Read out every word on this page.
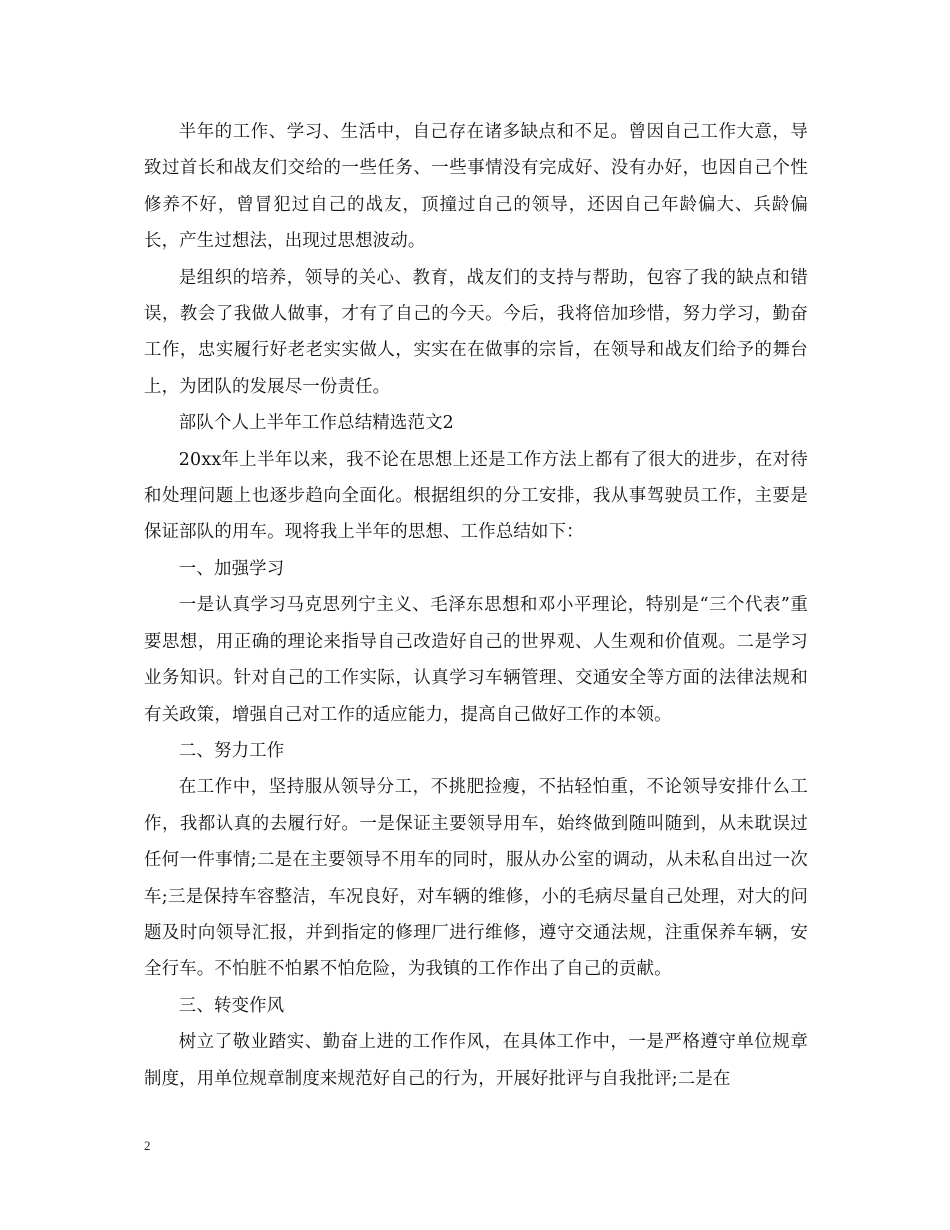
半年的工作、学习、生活中，自己存在诸多缺点和不足。曾因自己工作大意，导致过首长和战友们交给的一些任务、一些事情没有完成好、没有办好，也因自己个性修养不好，曾冒犯过自己的战友，顶撞过自己的领导，还因自己年龄偏大、兵龄偏长，产生过想法，出现过思想波动。

是组织的培养，领导的关心、教育，战友们的支持与帮助，包容了我的缺点和错误，教会了我做人做事，才有了自己的今天。今后，我将倍加珍惜，努力学习，勤奋工作，忠实履行好老老实实做人，实实在在做事的宗旨，在领导和战友们给予的舞台上，为团队的发展尽一份责任。

部队个人上半年工作总结精选范文2

20xx年上半年以来，我不论在思想上还是工作方法上都有了很大的进步，在对待和处理问题上也逐步趋向全面化。根据组织的分工安排，我从事驾驶员工作，主要是保证部队的用车。现将我上半年的思想、工作总结如下：

一、加强学习

一是认真学习马克思列宁主义、毛泽东思想和邓小平理论，特别是“三个代表”重要思想，用正确的理论来指导自己改造好自己的世界观、人生观和价值观。二是学习业务知识。针对自己的工作实际，认真学习车辆管理、交通安全等方面的法律法规和有关政策，增强自己对工作的适应能力，提高自己做好工作的本领。

二、努力工作

在工作中，坚持服从领导分工，不挑肥捡瘦，不拈轻怕重，不论领导安排什么工作，我都认真的去履行好。一是保证主要领导用车，始终做到随叫随到，从未耽误过任何一件事情;二是在主要领导不用车的同时，服从办公室的调动，从未私自出过一次车;三是保持车容整洁，车况良好，对车辆的维修，小的毛病尽量自己处理，对大的问题及时向领导汇报，并到指定的修理厂进行维修，遵守交通法规，注重保养车辆，安全行车。不怕脏不怕累不怕危险，为我镇的工作作出了自己的贡献。

三、转变作风

树立了敬业踏实、勤奋上进的工作作风，在具体工作中，一是严格遵守单位规章制度，用单位规章制度来规范好自己的行为，开展好批评与自我批评;二是在

2
